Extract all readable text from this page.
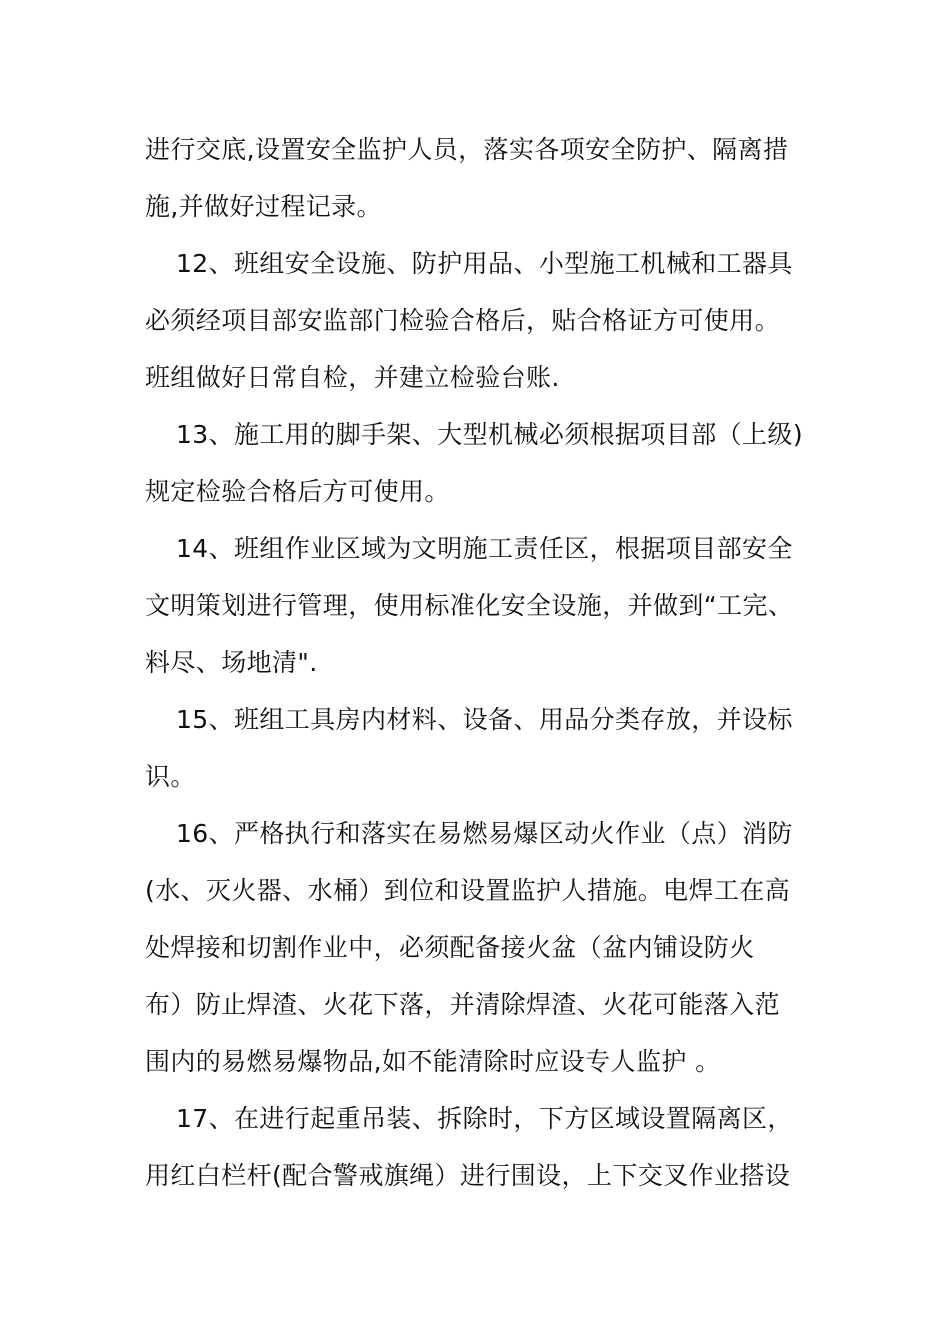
进行交底,设置安全监护人员，落实各项安全防护、隔离措
施,并做好过程记录。

12、班组安全设施、防护用品、小型施工机械和工器具
必须经项目部安监部门检验合格后，贴合格证方可使用。
班组做好日常自检，并建立检验台账.

13、施工用的脚手架、大型机械必须根据项目部（上级)
规定检验合格后方可使用。

14、班组作业区域为文明施工责任区，根据项目部安全
文明策划进行管理，使用标准化安全设施，并做到“工完、
料尽、场地清".

15、班组工具房内材料、设备、用品分类存放，并设标
识。

16、严格执行和落实在易燃易爆区动火作业（点）消防
(水、灭火器、水桶）到位和设置监护人措施。电焊工在高
处焊接和切割作业中，必须配备接火盆（盆内铺设防火
布）防止焊渣、火花下落，并清除焊渣、火花可能落入范
围内的易燃易爆物品,如不能清除时应设专人监护 。

17、在进行起重吊装、拆除时，下方区域设置隔离区，
用红白栏杆(配合警戒旗绳）进行围设，上下交叉作业搭设
